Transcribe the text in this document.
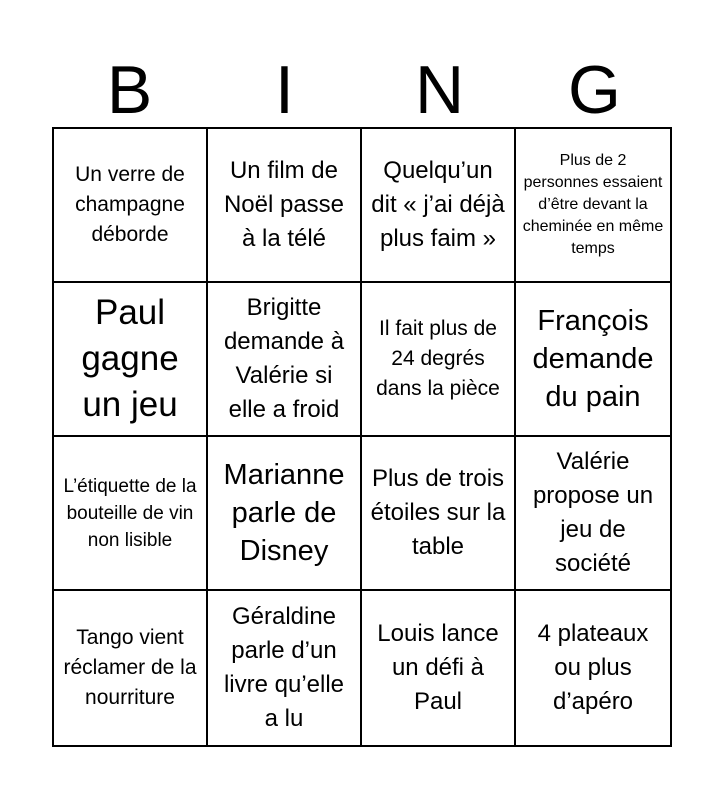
B	I	N	G
Un verre de champagne déborde
Un film de Noël passe à la télé
Quelqu’un dit « j’ai déjà plus faim »
Plus de 2 personnes essaient d’être devant la cheminée en même temps
Paul gagne un jeu
Brigitte demande à Valérie si elle a froid
Il fait plus de 24 degrés dans la pièce
François demande du pain
L’étiquette de la bouteille de vin non lisible
Marianne parle de Disney
Plus de trois étoiles sur la table
Valérie propose un jeu de société
Tango vient réclamer de la nourriture
Géraldine parle d’un livre qu’elle a lu
Louis lance un défi à Paul
4 plateaux ou plus d’apéro
